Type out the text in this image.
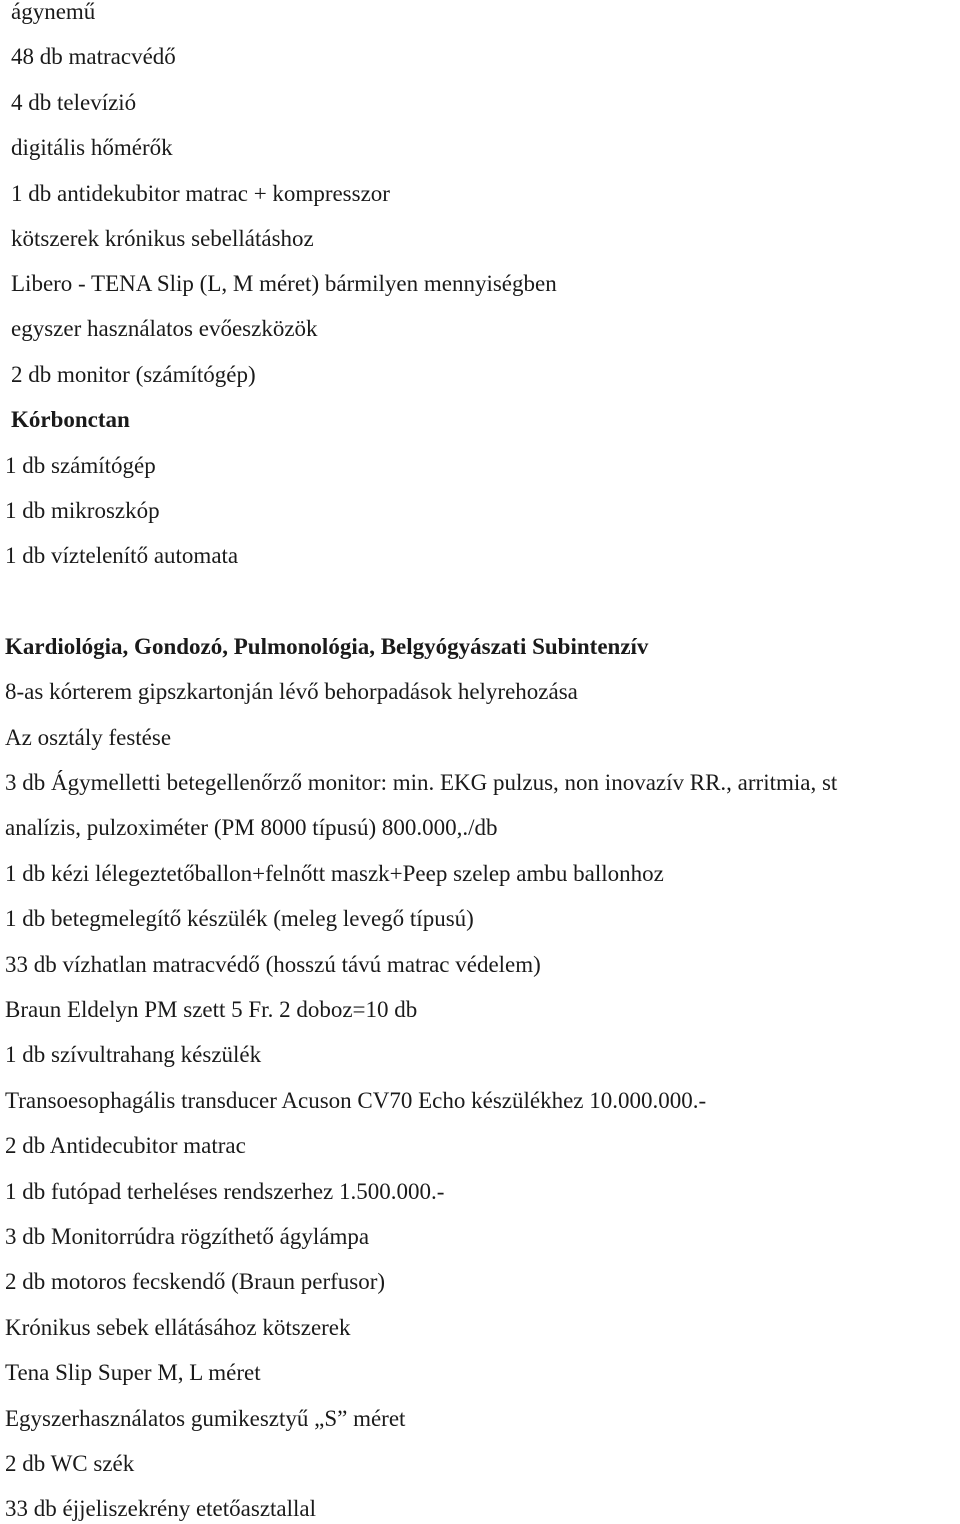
ágynemű
48 db matracvédő
4 db televízió
digitális hőmérők
1 db antidekubitor matrac + kompresszor
kötszerek krónikus sebellátáshoz
Libero - TENA Slip (L, M méret) bármilyen mennyiségben
egyszer használatos evőeszközök
2 db monitor (számítógép)
Kórbonctan
1 db számítógép
1 db mikroszkóp
1 db víztelenítő automata
Kardiológia, Gondozó, Pulmonológia, Belgyógyászati Subintenzív
8-as kórterem gipszkartonján lévő behorpadások helyrehozása
Az osztály festése
3 db Ágymelletti betegellenőrző monitor: min. EKG pulzus, non inovazív RR., arritmia, st
analízis, pulzoximéter (PM 8000 típusú) 800.000,./db
1 db kézi lélegeztetőballon+felnőtt maszk+Peep szelep ambu ballonhoz
1 db betegmelegítő készülék (meleg levegő típusú)
33 db vízhatlan matracvédő (hosszú távú matrac védelem)
Braun Eldelyn PM szett 5 Fr. 2 doboz=10 db
1 db szívultrahang készülék
Transoesophagális transducer Acuson CV70 Echo készülékhez 10.000.000.-
2 db Antidecubitor matrac
1 db futópad terheléses rendszerhez 1.500.000.-
3 db Monitorrúdra rögzíthető ágylámpa
2 db motoros fecskendő (Braun perfusor)
Krónikus sebek ellátásához kötszerek
Tena Slip Super M, L méret
Egyszerhasználatos gumikesztyű „S” méret
2 db WC szék
33 db éjjeliszekrény etetőasztallal
